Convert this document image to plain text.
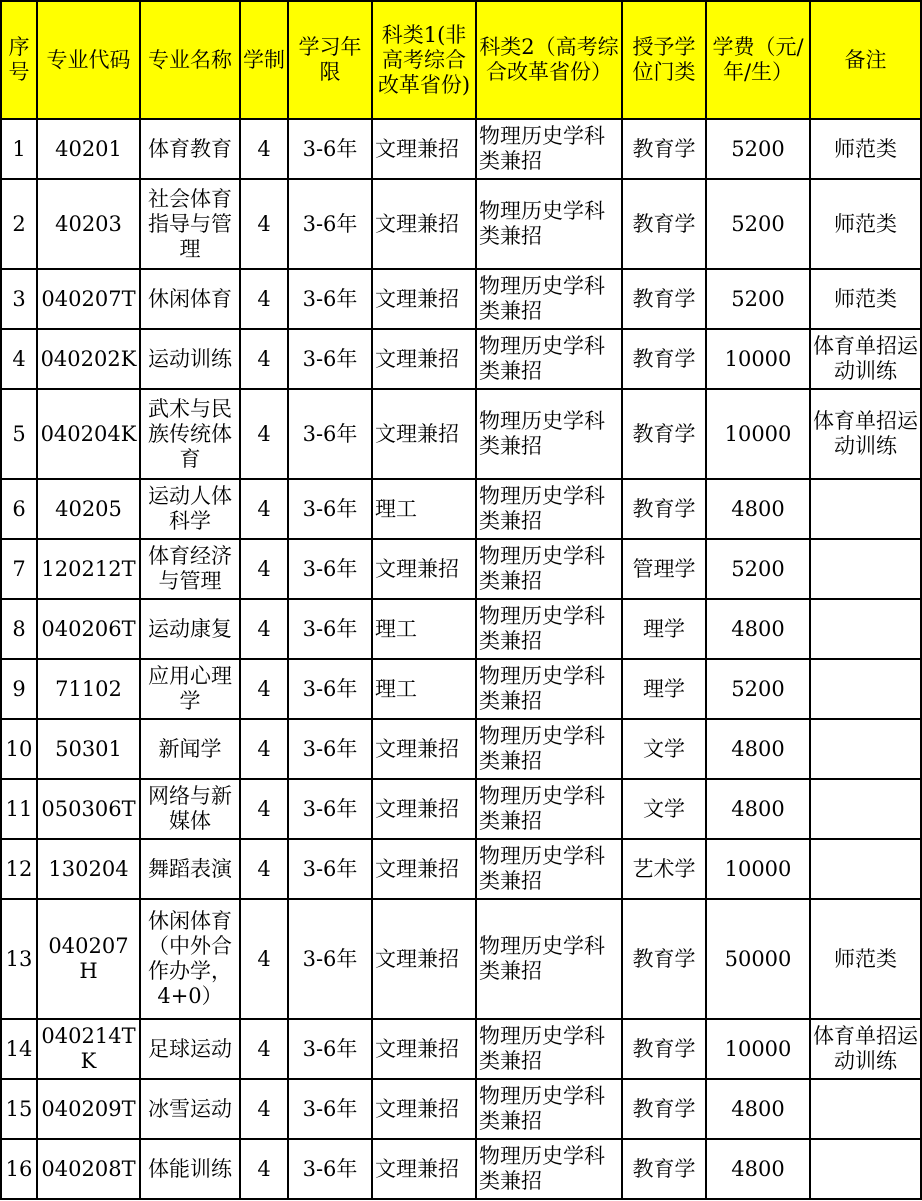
序号	专业代码	专业名称	学制	学习年限	科类1(非高考综合改革省份)	科类2（高考综合改革省份）	授予学位门类	学费（元/年/生）	备注
1	40201	体育教育	4	3-6年	文理兼招	物理历史学科类兼招	教育学	5200	师范类
2	40203	社会体育指导与管理	4	3-6年	文理兼招	物理历史学科类兼招	教育学	5200	师范类
3	040207T	休闲体育	4	3-6年	文理兼招	物理历史学科类兼招	教育学	5200	师范类
4	040202K	运动训练	4	3-6年	文理兼招	物理历史学科类兼招	教育学	10000	体育单招运动训练
5	040204K	武术与民族传统体育	4	3-6年	文理兼招	物理历史学科类兼招	教育学	10000	体育单招运动训练
6	40205	运动人体科学	4	3-6年	理工	物理历史学科类兼招	教育学	4800	
7	120212T	体育经济与管理	4	3-6年	文理兼招	物理历史学科类兼招	管理学	5200	
8	040206T	运动康复	4	3-6年	理工	物理历史学科类兼招	理学	4800	
9	71102	应用心理学	4	3-6年	理工	物理历史学科类兼招	理学	5200	
10	50301	新闻学	4	3-6年	文理兼招	物理历史学科类兼招	文学	4800	
11	050306T	网络与新媒体	4	3-6年	文理兼招	物理历史学科类兼招	文学	4800	
12	130204	舞蹈表演	4	3-6年	文理兼招	物理历史学科类兼招	艺术学	10000	
13	040207H	休闲体育（中外合作办学，4+0）	4	3-6年	文理兼招	物理历史学科类兼招	教育学	50000	师范类
14	040214TK	足球运动	4	3-6年	文理兼招	物理历史学科类兼招	教育学	10000	体育单招运动训练
15	040209T	冰雪运动	4	3-6年	文理兼招	物理历史学科类兼招	教育学	4800	
16	040208T	体能训练	4	3-6年	文理兼招	物理历史学科类兼招	教育学	4800	
